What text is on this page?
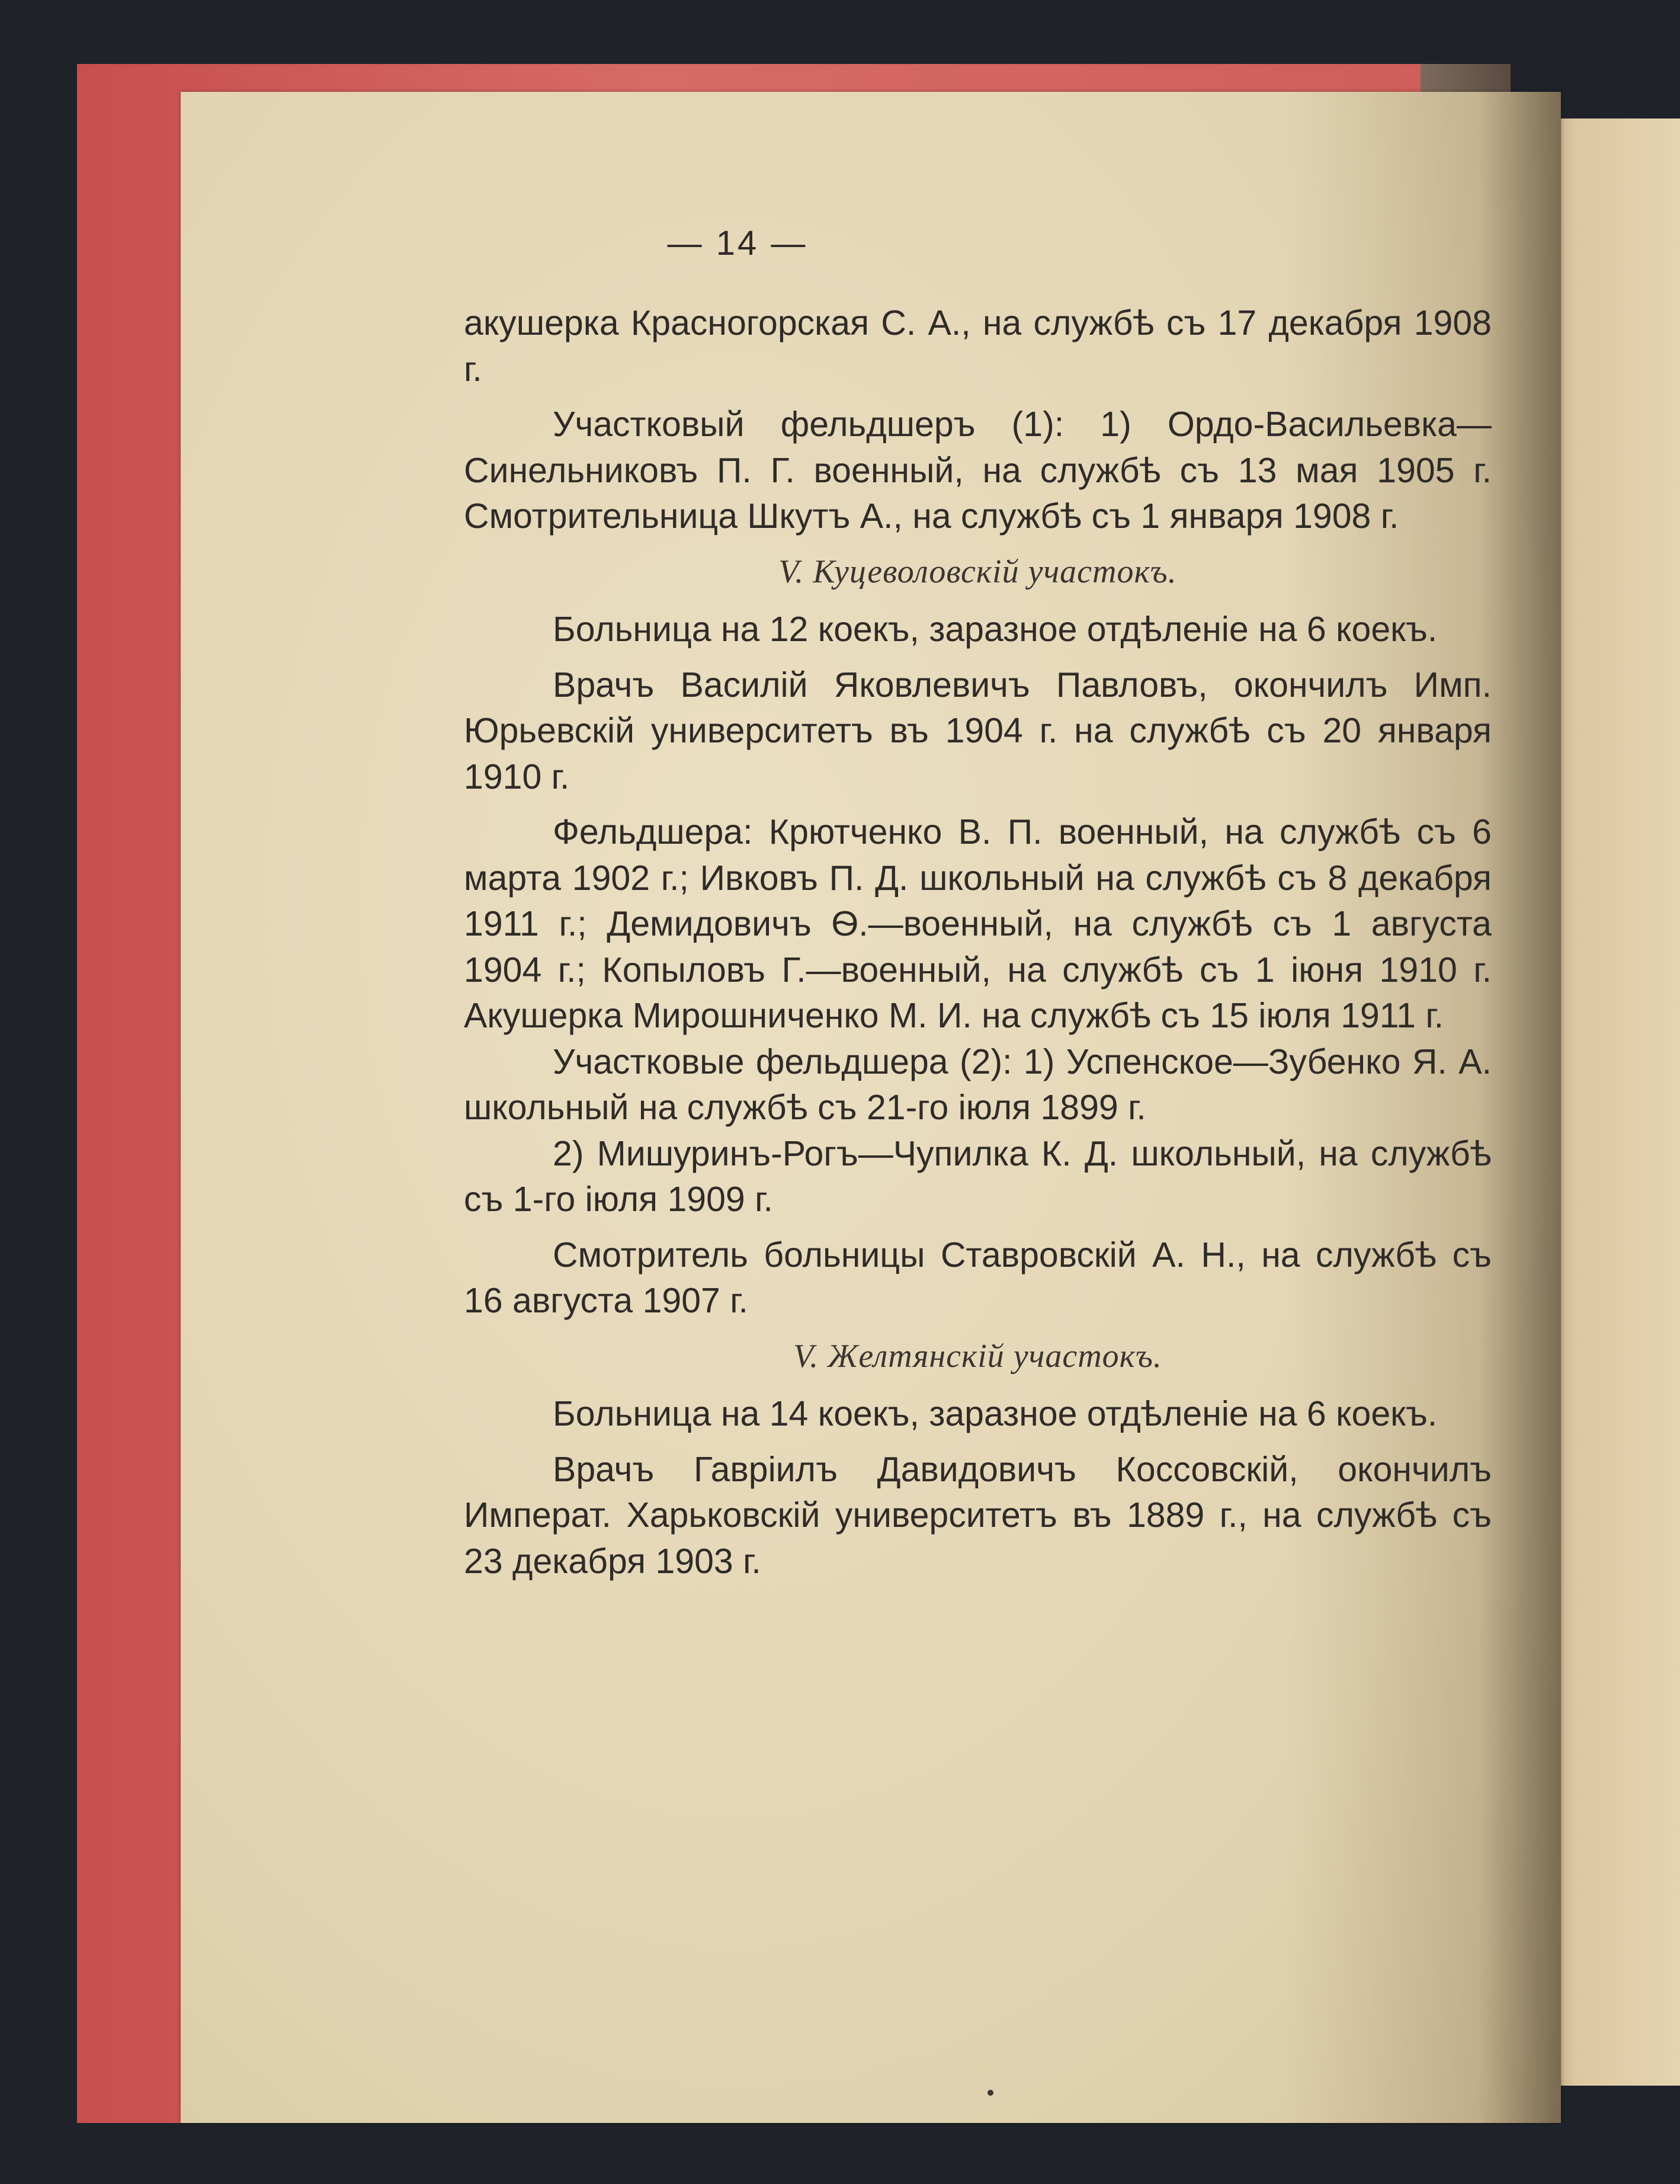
— 14 —

акушерка Красногорская С. А., на службѣ съ 17 декабря 1908 г.

Участковый фельдшеръ (1): 1) Ордо-Васильевка—Синельниковъ П. Г. военный, на службѣ съ 13 мая 1905 г. Смотрительница Шкутъ А., на службѣ съ 1 января 1908 г.

V. Куцеволовскій участокъ.

Больница на 12 коекъ, заразное отдѣленіе на 6 коекъ.

Врачъ Василій Яковлевичъ Павловъ, окончилъ Имп. Юрьевскій университетъ въ 1904 г. на службѣ съ 20 января 1910 г.

Фельдшера: Крютченко В. П. военный, на службѣ съ 6 марта 1902 г.; Ивковъ П. Д. школьный на службѣ съ 8 декабря 1911 г.; Демидовичъ Ѳ.—военный, на службѣ съ 1 августа 1904 г.; Копыловъ Г.—военный, на службѣ съ 1 іюня 1910 г. Акушерка Мирошниченко М. И. на службѣ съ 15 іюля 1911 г.

Участковые фельдшера (2): 1) Успенское—Зубенко Я. А. школьный на службѣ съ 21-го іюля 1899 г.

2) Мишуринъ-Рогъ—Чупилка К. Д. школьный, на службѣ съ 1-го іюля 1909 г.

Смотритель больницы Ставровскій А. Н., на службѣ съ 16 августа 1907 г.

V. Желтянскій участокъ.

Больница на 14 коекъ, заразное отдѣленіе на 6 коекъ.

Врачъ Гавріилъ Давидовичъ Коссовскій, окончилъ Императ. Харьковскій университетъ въ 1889 г., на службѣ съ 23 декабря 1903 г.
